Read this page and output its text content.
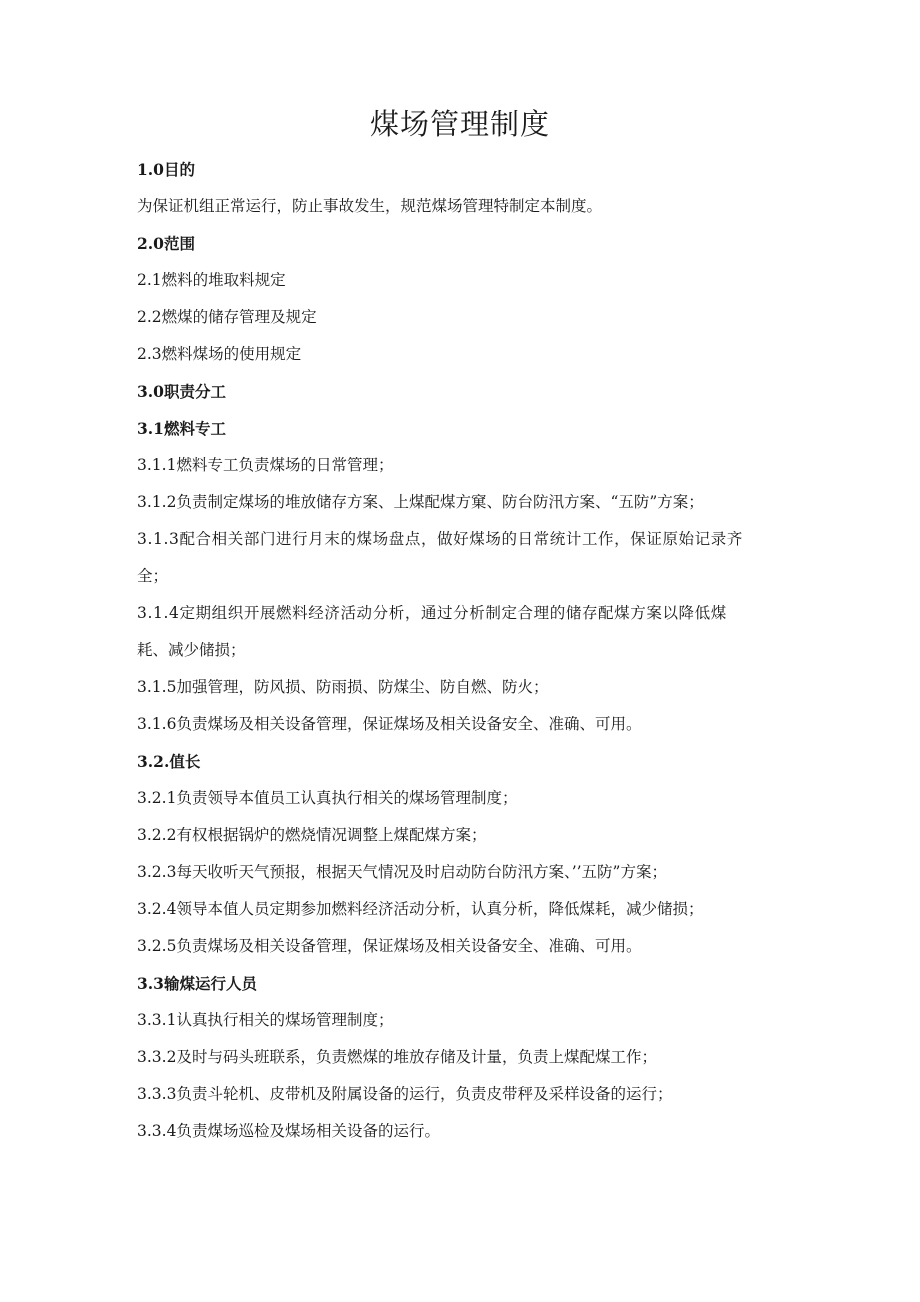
煤场管理制度

1.0目的

为保证机组正常运行，防止事故发生，规范煤场管理特制定本制度。

2.0范围

2.1燃料的堆取料规定

2.2燃煤的储存管理及规定

2.3燃料煤场的使用规定

3.0职责分工

3.1燃料专工

3.1.1燃料专工负责煤场的日常管理；

3.1.2负责制定煤场的堆放储存方案、上煤配煤方窠、防台防汛方案、“五防”方案；

3.1.3配合相关部门进行月末的煤场盘点，做好煤场的日常统计工作，保证原始记录齐

全；

3.1.4定期组织开展燃料经济活动分析，通过分析制定合理的储存配煤方案以降低煤

耗、减少储损；

3.1.5加强管理，防风损、防雨损、防煤尘、防自燃、防火；

3.1.6负责煤场及相关设备管理，保证煤场及相关设备安全、准确、可用。

3.2.值长

3.2.1负责领导本值员工认真执行相关的煤场管理制度；

3.2.2有权根据锅炉的燃烧情况调整上煤配煤方案；

3.2.3每天收听天气预报，根据天气情况及时启动防台防汛方案、’’五防”方案；

3.2.4领导本值人员定期参加燃料经济活动分析，认真分析，降低煤耗，减少储损；

3.2.5负责煤场及相关设备管理，保证煤场及相关设备安全、准确、可用。

3.3输煤运行人员

3.3.1认真执行相关的煤场管理制度；

3.3.2及时与码头班联系，负责燃煤的堆放存储及计量，负责上煤配煤工作；

3.3.3负责斗轮机、皮带机及附属设备的运行，负责皮带秤及采样设备的运行；

3.3.4负责煤场巡检及煤场相关设备的运行。
